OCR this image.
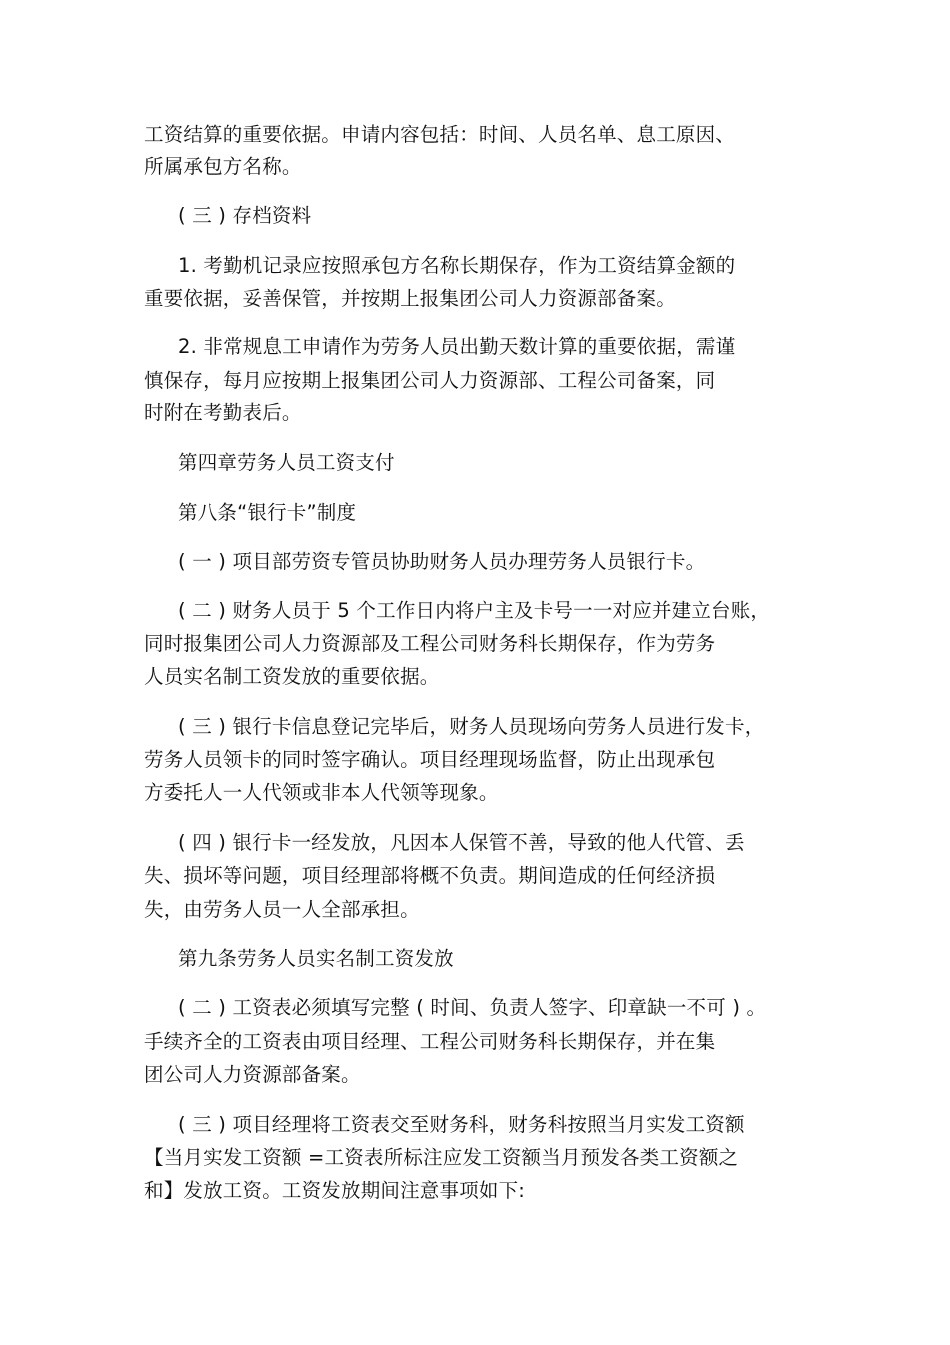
工资结算的重要依据。申请内容包括：时间、人员名单、息工原因、
所属承包方名称。
( 三 ) 存档资料
1. 考勤机记录应按照承包方名称长期保存，作为工资结算金额的
重要依据，妥善保管，并按期上报集团公司人力资源部备案。
2. 非常规息工申请作为劳务人员出勤天数计算的重要依据，需谨
慎保存，每月应按期上报集团公司人力资源部、工程公司备案，同
时附在考勤表后。
第四章劳务人员工资支付
第八条“银行卡”制度
( 一 ) 项目部劳资专管员协助财务人员办理劳务人员银行卡。
( 二 ) 财务人员于 5 个工作日内将户主及卡号一一对应并建立台账，
同时报集团公司人力资源部及工程公司财务科长期保存，作为劳务
人员实名制工资发放的重要依据。
( 三 ) 银行卡信息登记完毕后，财务人员现场向劳务人员进行发卡，
劳务人员领卡的同时签字确认。项目经理现场监督，防止出现承包
方委托人一人代领或非本人代领等现象。
( 四 ) 银行卡一经发放，凡因本人保管不善，导致的他人代管、丢
失、损坏等问题，项目经理部将概不负责。期间造成的任何经济损
失，由劳务人员一人全部承担。
第九条劳务人员实名制工资发放
( 二 ) 工资表必须填写完整 ( 时间、负责人签字、印章缺一不可 ) 。
手续齐全的工资表由项目经理、工程公司财务科长期保存，并在集
团公司人力资源部备案。
( 三 ) 项目经理将工资表交至财务科，财务科按照当月实发工资额
【当月实发工资额 =工资表所标注应发工资额当月预发各类工资额之
和】发放工资。工资发放期间注意事项如下:
